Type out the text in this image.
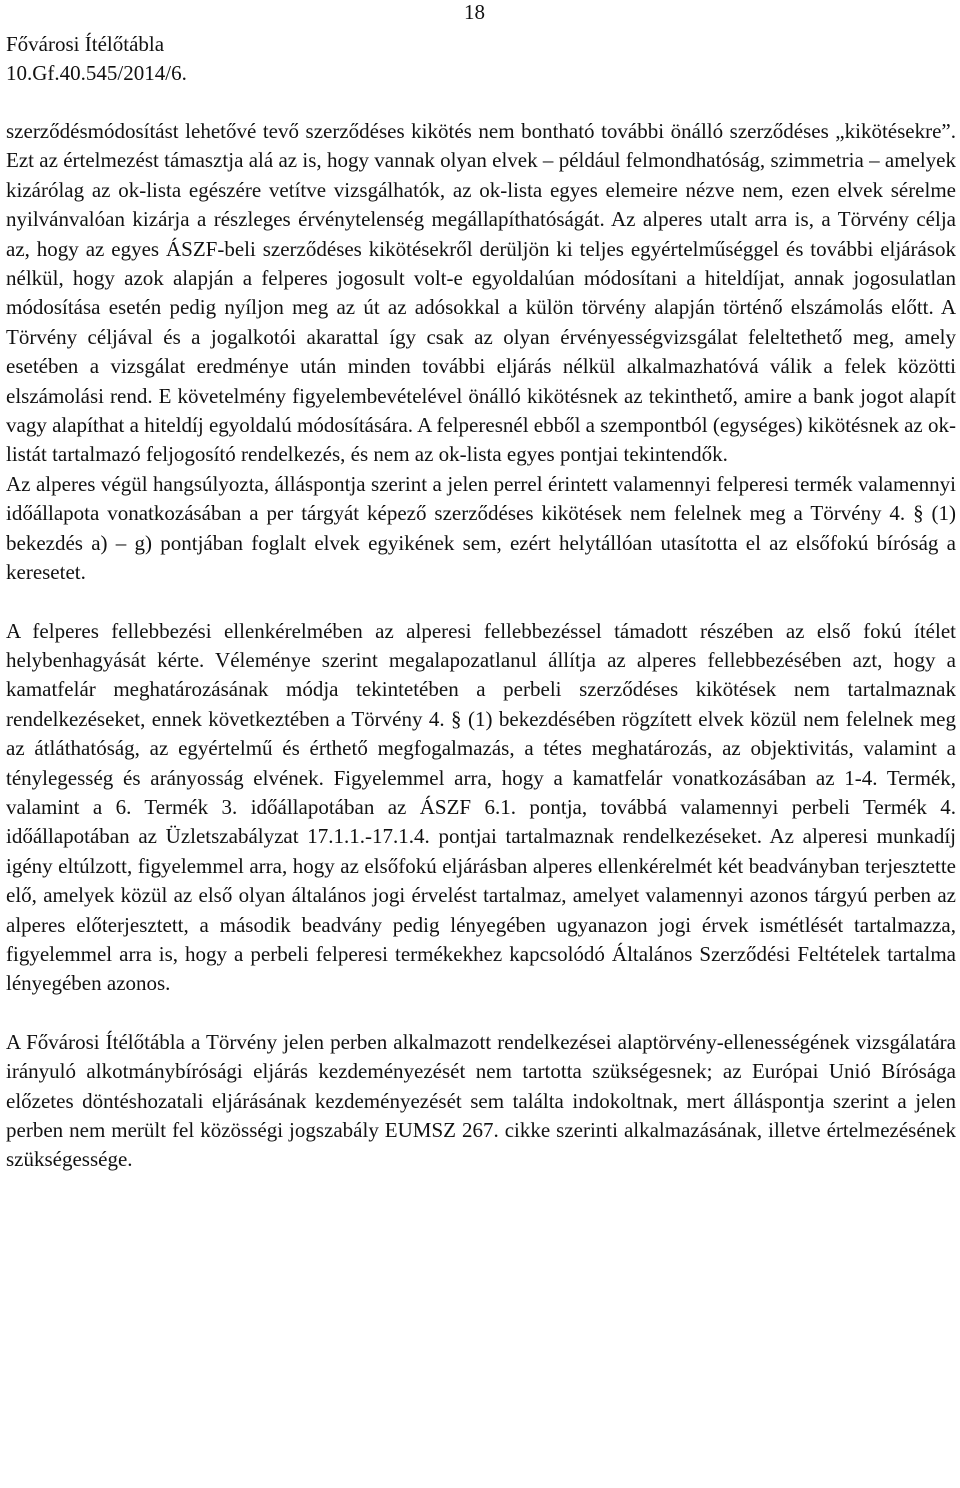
18
Fővárosi Ítélőtábla
10.Gf.40.545/2014/6.

szerződésmódosítást lehetővé tevő szerződéses kikötés nem bontható további önálló szerződéses „kikötésekre”. Ezt az értelmezést támasztja alá az is, hogy vannak olyan elvek – például felmondhatóság, szimmetria – amelyek kizárólag az ok-lista egészére vetítve vizsgálhatók, az ok-lista egyes elemeire nézve nem, ezen elvek sérelme nyilvánvalóan kizárja a részleges érvénytelenség megállapíthatóságát. Az alperes utalt arra is, a Törvény célja az, hogy az egyes ÁSZF-beli szerződéses kikötésekről derüljön ki teljes egyértelműséggel és további eljárások nélkül, hogy azok alapján a felperes jogosult volt-e egyoldalúan módosítani a hiteldíjat, annak jogosulatlan módosítása esetén pedig nyíljon meg az út az adósokkal a külön törvény alapján történő elszámolás előtt. A Törvény céljával és a jogalkotói akarattal így csak az olyan érvényességvizsgálat feleltethető meg, amely esetében a vizsgálat eredménye után minden további eljárás nélkül alkalmazhatóvá válik a felek közötti elszámolási rend. E követelmény figyelembevételével önálló kikötésnek az tekinthető, amire a bank jogot alapít vagy alapíthat a hiteldíj egyoldalú módosítására. A felperesnél ebből a szempontból (egységes) kikötésnek az ok-listát tartalmazó feljogosító rendelkezés, és nem az ok-lista egyes pontjai tekintendők.

Az alperes végül hangsúlyozta, álláspontja szerint a jelen perrel érintett valamennyi felperesi termék valamennyi időállapota vonatkozásában a per tárgyát képező szerződéses kikötések nem felelnek meg a Törvény 4. § (1) bekezdés a) – g) pontjában foglalt elvek egyikének sem, ezért helytállóan utasította el az elsőfokú bíróság a keresetet.

A felperes fellebbezési ellenkérelmében az alperesi fellebbezéssel támadott részében az első fokú ítélet helybenhagyását kérte. Véleménye szerint megalapozatlanul állítja az alperes fellebbezésében azt, hogy a kamatfelár meghatározásának módja tekintetében a perbeli szerződéses kikötések nem tartalmaznak rendelkezéseket, ennek következtében a Törvény 4. § (1) bekezdésében rögzített elvek közül nem felelnek meg az átláthatóság, az egyértelmű és érthető megfogalmazás, a tétes meghatározás, az objektivitás, valamint a ténylegesség és arányosság elvének. Figyelemmel arra, hogy a kamatfelár vonatkozásában az 1-4. Termék, valamint a 6. Termék 3. időállapotában az ÁSZF 6.1. pontja, továbbá valamennyi perbeli Termék 4. időállapotában az Üzletszabályzat 17.1.1.-17.1.4. pontjai tartalmaznak rendelkezéseket. Az alperesi munkadíj igény eltúlzott, figyelemmel arra, hogy az elsőfokú eljárásban alperes ellenkérelmét két beadványban terjesztette elő, amelyek közül az első olyan általános jogi érvelést tartalmaz, amelyet valamennyi azonos tárgyú perben az alperes előterjesztett, a második beadvány pedig lényegében ugyanazon jogi érvek ismétlését tartalmazza, figyelemmel arra is, hogy a perbeli felperesi termékekhez kapcsolódó Általános Szerződési Feltételek tartalma lényegében azonos.

A Fővárosi Ítélőtábla a Törvény jelen perben alkalmazott rendelkezései alaptörvény-ellenességének vizsgálatára irányuló alkotmánybírósági eljárás kezdeményezését nem tartotta szükségesnek; az Európai Unió Bírósága előzetes döntéshozatali eljárásának kezdeményezését sem találta indokoltnak, mert álláspontja szerint a jelen perben nem merült fel közösségi jogszabály EUMSZ 267. cikke szerinti alkalmazásának, illetve értelmezésének szükségessége.
